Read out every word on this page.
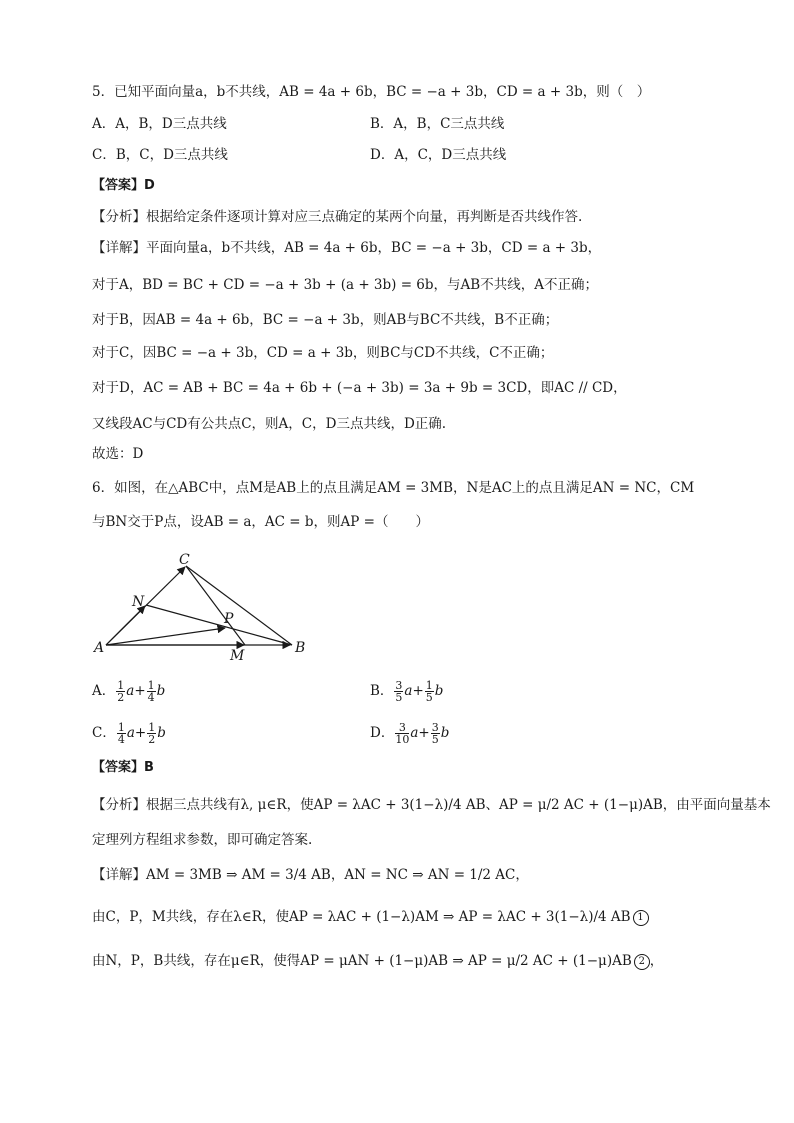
5．已知平面向量a，b不共线，AB = 4a + 6b，BC = −a + 3b，CD = a + 3b，则（　）
A．A，B，D三点共线	B．A，B，C三点共线
C．B，C，D三点共线	D．A，C，D三点共线
【答案】D
【分析】根据给定条件逐项计算对应三点确定的某两个向量，再判断是否共线作答.
【详解】平面向量a，b不共线，AB = 4a + 6b，BC = −a + 3b，CD = a + 3b，
对于A，BD = BC + CD = −a + 3b + (a + 3b) = 6b，与AB不共线，A不正确；
对于B，因AB = 4a + 6b，BC = −a + 3b，则AB与BC不共线，B不正确；
对于C，因BC = −a + 3b，CD = a + 3b，则BC与CD不共线，C不正确；
对于D，AC = AB + BC = 4a + 6b + (−a + 3b) = 3a + 9b = 3CD，即AC // CD，
又线段AC与CD有公共点C，则A，C，D三点共线，D正确.
故选：D
6．如图，在△ABC中，点M是AB上的点且满足AM = 3MB，N是AC上的点且满足AN = NC，CM
与BN交于P点，设AB = a，AC = b，则AP =（　　）
A	B
C
N
P
M
A． $\frac{1}{2} a+ \frac{1}{4}$ b	B． $\frac{3}{5} a+ \frac{1}{5}$ b
C． $\frac{1}{4} a+ \frac{1}{2}$ b	D． $\frac{3}{10} a+ \frac{3}{5}$ b
【答案】B
【分析】根据三点共线有λ, μ∈R，使AP = λAC + 3(1−λ)/4 AB、AP = μ/2 AC + (1−μ)AB，由平面向量基本
定理列方程组求参数，即可确定答案.
【详解】AM = 3MB ⇒ AM = 3/4 AB，AN = NC ⇒ AN = 1/2 AC，
由C，P，M共线，存在λ∈R，使AP = λAC + (1−λ)AM ⇒ AP = λAC + 3(1−λ)/4 AB 1
由N，P，B共线，存在μ∈R，使得AP = μAN + (1−μ)AB ⇒ AP = μ/2 AC + (1−μ)AB 2 ，
